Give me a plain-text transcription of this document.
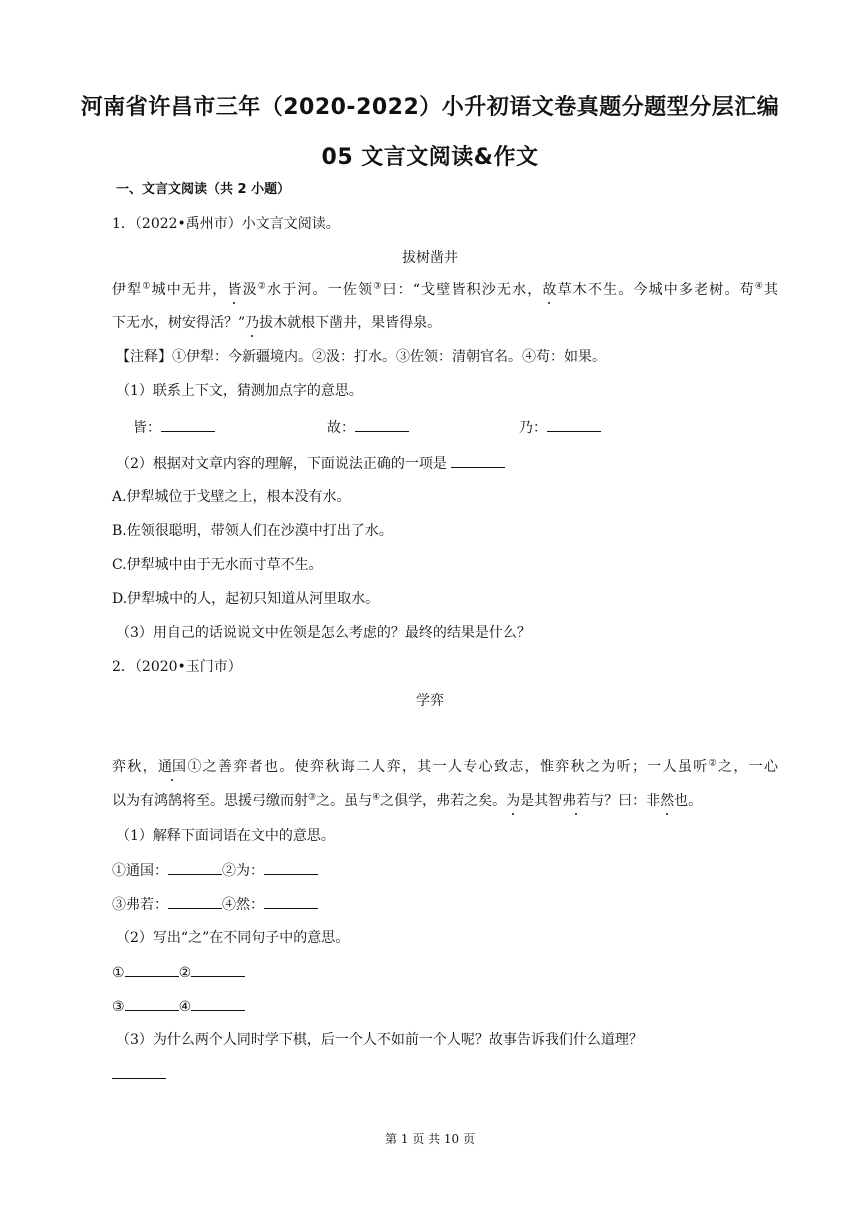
河南省许昌市三年（2020-2022）小升初语文卷真题分题型分层汇编
05 文言文阅读&作文
一、文言文阅读（共 2 小题）
1．（2022•禹州市）小文言文阅读。
拔树凿井
伊犁①城中无井，皆汲②水于河。一佐领③曰：“戈壁皆积沙无水，故草木不生。今城中多老树。苟④其
下无水，树安得活？”乃拔木就根下凿井，果皆得泉。
【注释】①伊犁：今新疆境内。②汲：打水。③佐领：清朝官名。④苟：如果。
（1）联系上下文，猜测加点字的意思。
皆：	故：	乃：
（2）根据对文章内容的理解，下面说法正确的一项是
A.伊犁城位于戈壁之上，根本没有水。
B.佐领很聪明，带领人们在沙漠中打出了水。
C.伊犁城中由于无水而寸草不生。
D.伊犁城中的人，起初只知道从河里取水。
（3）用自己的话说说文中佐领是怎么考虑的？最终的结果是什么？
2．（2020•玉门市）
学弈
弈秋，通国①之善弈者也。使弈秋诲二人弈，其一人专心致志，惟弈秋之为听；一人虽听②之，一心
以为有鸿鹄将至。思援弓缴而射③之。虽与④之俱学，弗若之矣。为是其智弗若与？曰：非然也。
（1）解释下面词语在文中的意思。
①通国：	②为：
③弗若：	④然：
（2）写出“之”在不同句子中的意思。
①	②
③	④
（3）为什么两个人同时学下棋，后一个人不如前一个人呢？故事告诉我们什么道理？
第 1 页 共 10 页
